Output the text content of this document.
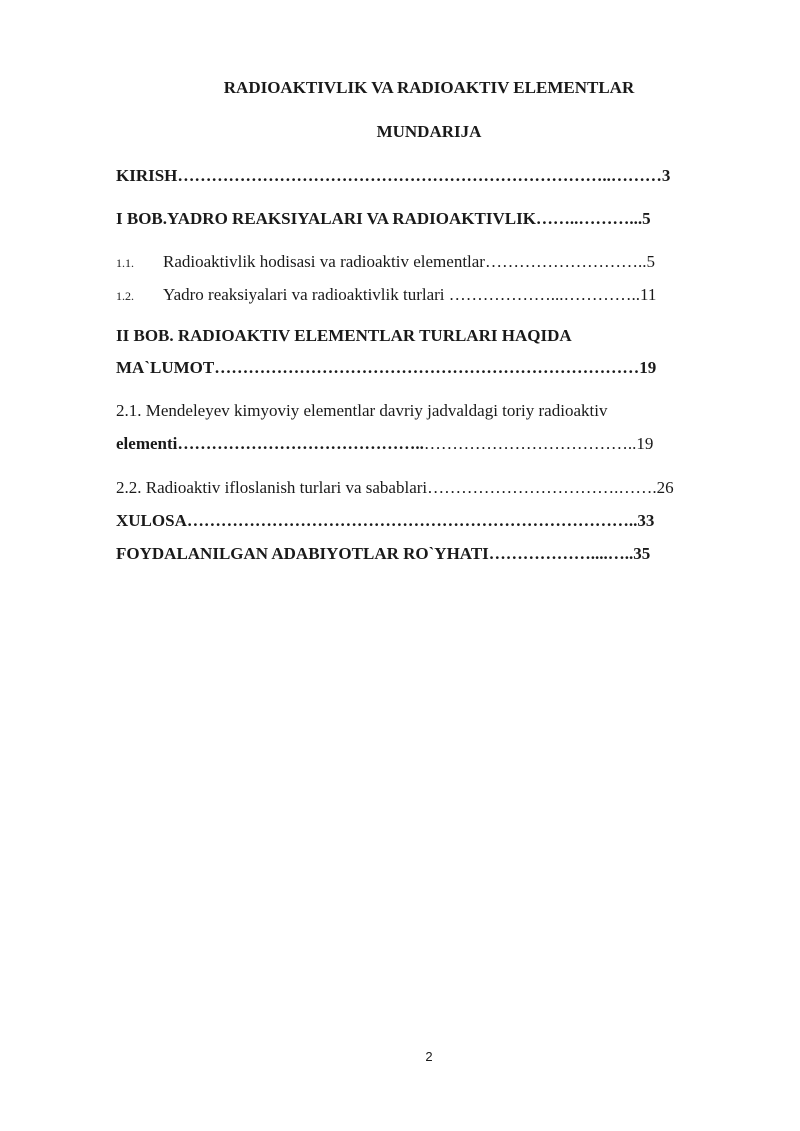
RADIOAKTIVLIK VA RADIOAKTIV ELEMENTLAR
MUNDARIJA
KIRISH…………………………………………………………………..………3
I BOB.YADRO REAKSIYALARI VA RADIOAKTIVLIK……..………...5
1.1. Radioaktivlik hodisasi va radioaktiv elementlar………………………..5
1.2. Yadro reaksiyalari va radioaktivlik turlari ………………...…………..11
II BOB. RADIOAKTIV ELEMENTLAR TURLARI HAQIDA
MA`LUMOT…………………………………………………………………19
2.1. Mendeleyev kimyoviy elementlar davriy jadvaldagi toriy radioaktiv
elementi……………………………………..………………………………..19
2.2. Radioaktiv ifloslanish turlari va sabablari…………………………….…….26
XULOSA……………………………………………………………………..33
FOYDALANILGAN ADABIYOTLAR RO`YHATI………………....…..35
2
